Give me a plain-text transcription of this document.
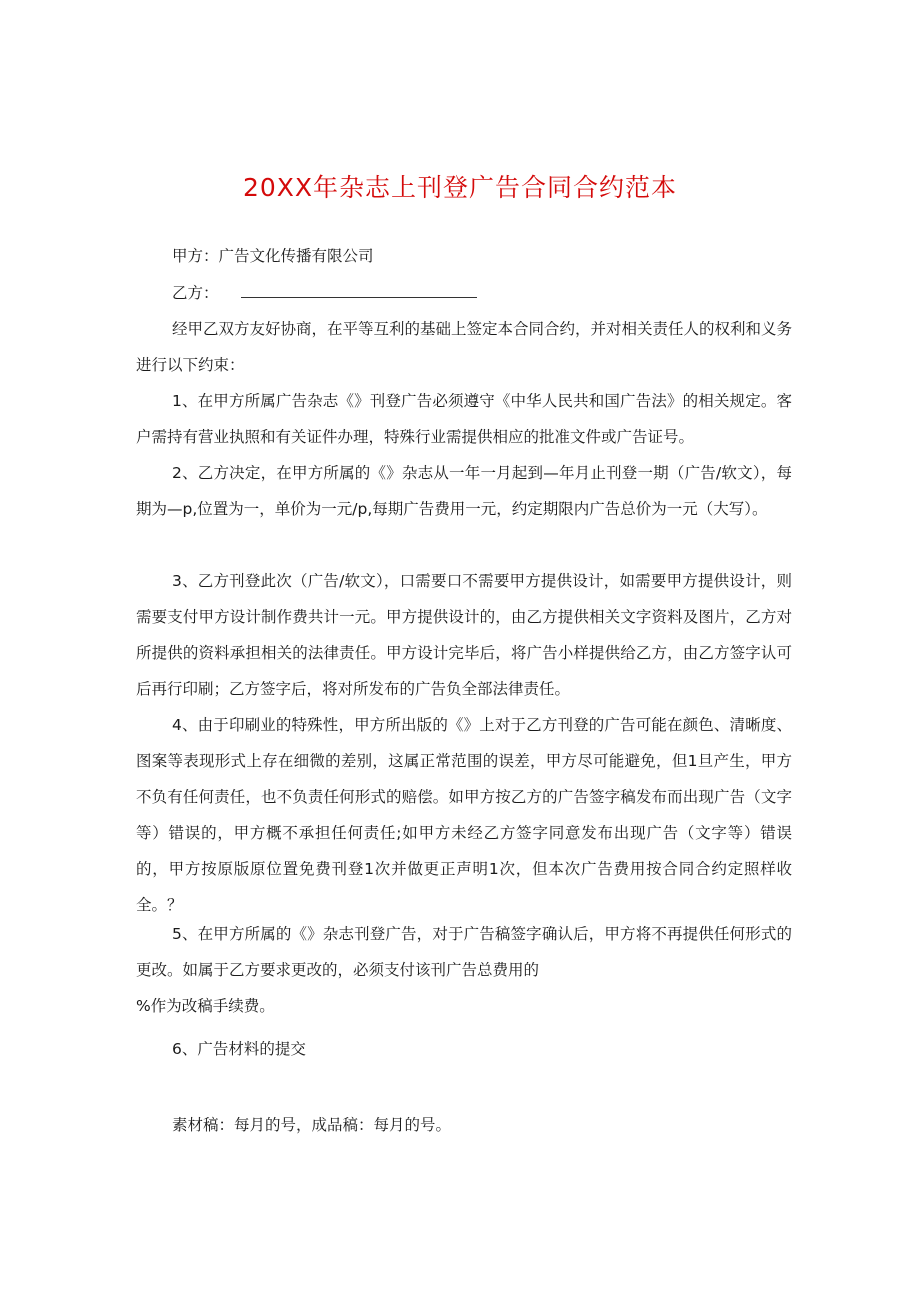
20XX年杂志上刊登广告合同合约范本
甲方：广告文化传播有限公司
乙方：
经甲乙双方友好协商，在平等互利的基础上签定本合同合约，并对相关责任人的权利和义务进行以下约束：
1、在甲方所属广告杂志《》刊登广告必须遵守《中华人民共和国广告法》的相关规定。客户需持有营业执照和有关证件办理，特殊行业需提供相应的批准文件或广告证号。
2、乙方决定，在甲方所属的《》杂志从一年一月起到—年月止刊登一期（广告/软文），每期为—p,位置为一，单价为一元/p,每期广告费用一元，约定期限内广告总价为一元（大写）。
3、乙方刊登此次（广告/软文），口需要口不需要甲方提供设计，如需要甲方提供设计，则需要支付甲方设计制作费共计一元。甲方提供设计的，由乙方提供相关文字资料及图片，乙方对所提供的资料承担相关的法律责任。甲方设计完毕后，将广告小样提供给乙方，由乙方签字认可后再行印刷；乙方签字后，将对所发布的广告负全部法律责任。
4、由于印刷业的特殊性，甲方所出版的《》上对于乙方刊登的广告可能在颜色、清晰度、图案等表现形式上存在细微的差别，这属正常范围的误差，甲方尽可能避免，但1旦产生，甲方不负有任何责任，也不负责任何形式的赔偿。如甲方按乙方的广告签字稿发布而出现广告（文字等）错误的，甲方概不承担任何责任;如甲方未经乙方签字同意发布出现广告（文字等）错误的，甲方按原版原位置免费刊登1次并做更正声明1次，但本次广告费用按合同合约定照样收全。？
5、在甲方所属的《》杂志刊登广告，对于广告稿签字确认后，甲方将不再提供任何形式的更改。如属于乙方要求更改的，必须支付该刊广告总费用的
%作为改稿手续费。
6、广告材料的提交
素材稿：每月的号，成品稿：每月的号。
